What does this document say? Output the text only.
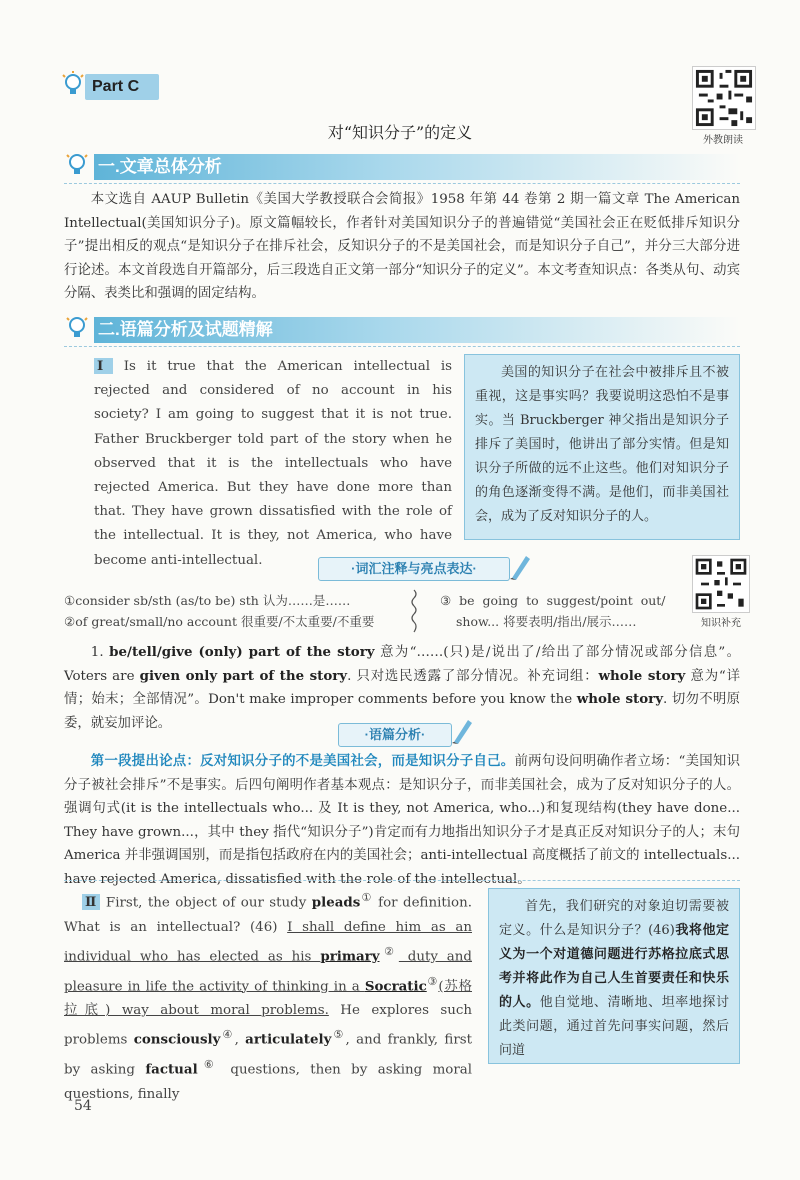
Part C
对“知识分子”的定义	外教朗读
一.文章总体分析
本文选自 AAUP Bulletin《美国大学教授联合会简报》1958 年第 44 卷第 2 期一篇文章 The American Intellectual(美国知识分子)。原文篇幅较长，作者针对美国知识分子的普遍错觉“美国社会正在贬低排斥知识分子”提出相反的观点“是知识分子在排斥社会，反知识分子的不是美国社会，而是知识分子自己”，并分三大部分进行论述。本文首段选自开篇部分，后三段选自正文第一部分“知识分子的定义”。本文考查知识点：各类从句、动宾分隔、表类比和强调的固定结构。
二.语篇分析及试题精解
Ⅰ Is it true that the American intellectual is rejected and considered of no account in his society? I am going to suggest that it is not true. Father Bruckberger told part of the story when he observed that it is the intellectuals who have rejected America. But they have done more than that. They have grown dissatisfied with the role of the intellectual. It is they, not America, who have become anti-intellectual.
美国的知识分子在社会中被排斥且不被重视，这是事实吗？我要说明这恐怕不是事实。当 Bruckberger 神父指出是知识分子排斥了美国时，他讲出了部分实情。但是知识分子所做的远不止这些。他们对知识分子的角色逐渐变得不满。是他们，而非美国社会，成为了反对知识分子的人。
·词汇注释与亮点表达·
知识补充
①consider sb/sth (as/to be) sth 认为……是……
②of great/small/no account 很重要/不太重要/不重要
③ be going to suggest/point out/
show... 将要表明/指出/展示……
1. be/tell/give (only) part of the story 意为“……(只)是/说出了/给出了部分情况或部分信息”。Voters are given only part of the story. 只对选民透露了部分情况。补充词组：whole story 意为“详情；始末；全部情况”。Don't make improper comments before you know the whole story. 切勿不明原委，就妄加评论。
·语篇分析·
第一段提出论点：反对知识分子的不是美国社会，而是知识分子自己。前两句设问明确作者立场：“美国知识分子被社会排斥”不是事实。后四句阐明作者基本观点：是知识分子，而非美国社会，成为了反对知识分子的人。强调句式(it is the intellectuals who... 及 It is they, not America, who...)和复现结构(they have done... They have grown...，其中 they 指代“知识分子”)肯定而有力地指出知识分子才是真正反对知识分子的人；末句 America 并非强调国别，而是指包括政府在内的美国社会；anti-intellectual 高度概括了前文的 intellectuals... have rejected America, dissatisfied with the role of the intellectual。
Ⅱ First, the object of our study pleads① for definition. What is an intellectual? (46) I shall define him as an individual who has elected as his primary② duty and pleasure in life the activity of thinking in a Socratic③(苏格拉底) way about moral problems. He explores such problems consciously④, articulately⑤, and frankly, first by asking factual⑥ questions, then by asking moral questions, finally
首先，我们研究的对象迫切需要被定义。什么是知识分子？(46)我将他定义为一个对道德问题进行苏格拉底式思考并将此作为自己人生首要责任和快乐的人。他自觉地、清晰地、坦率地探讨此类问题，通过首先问事实问题，然后问道
54
